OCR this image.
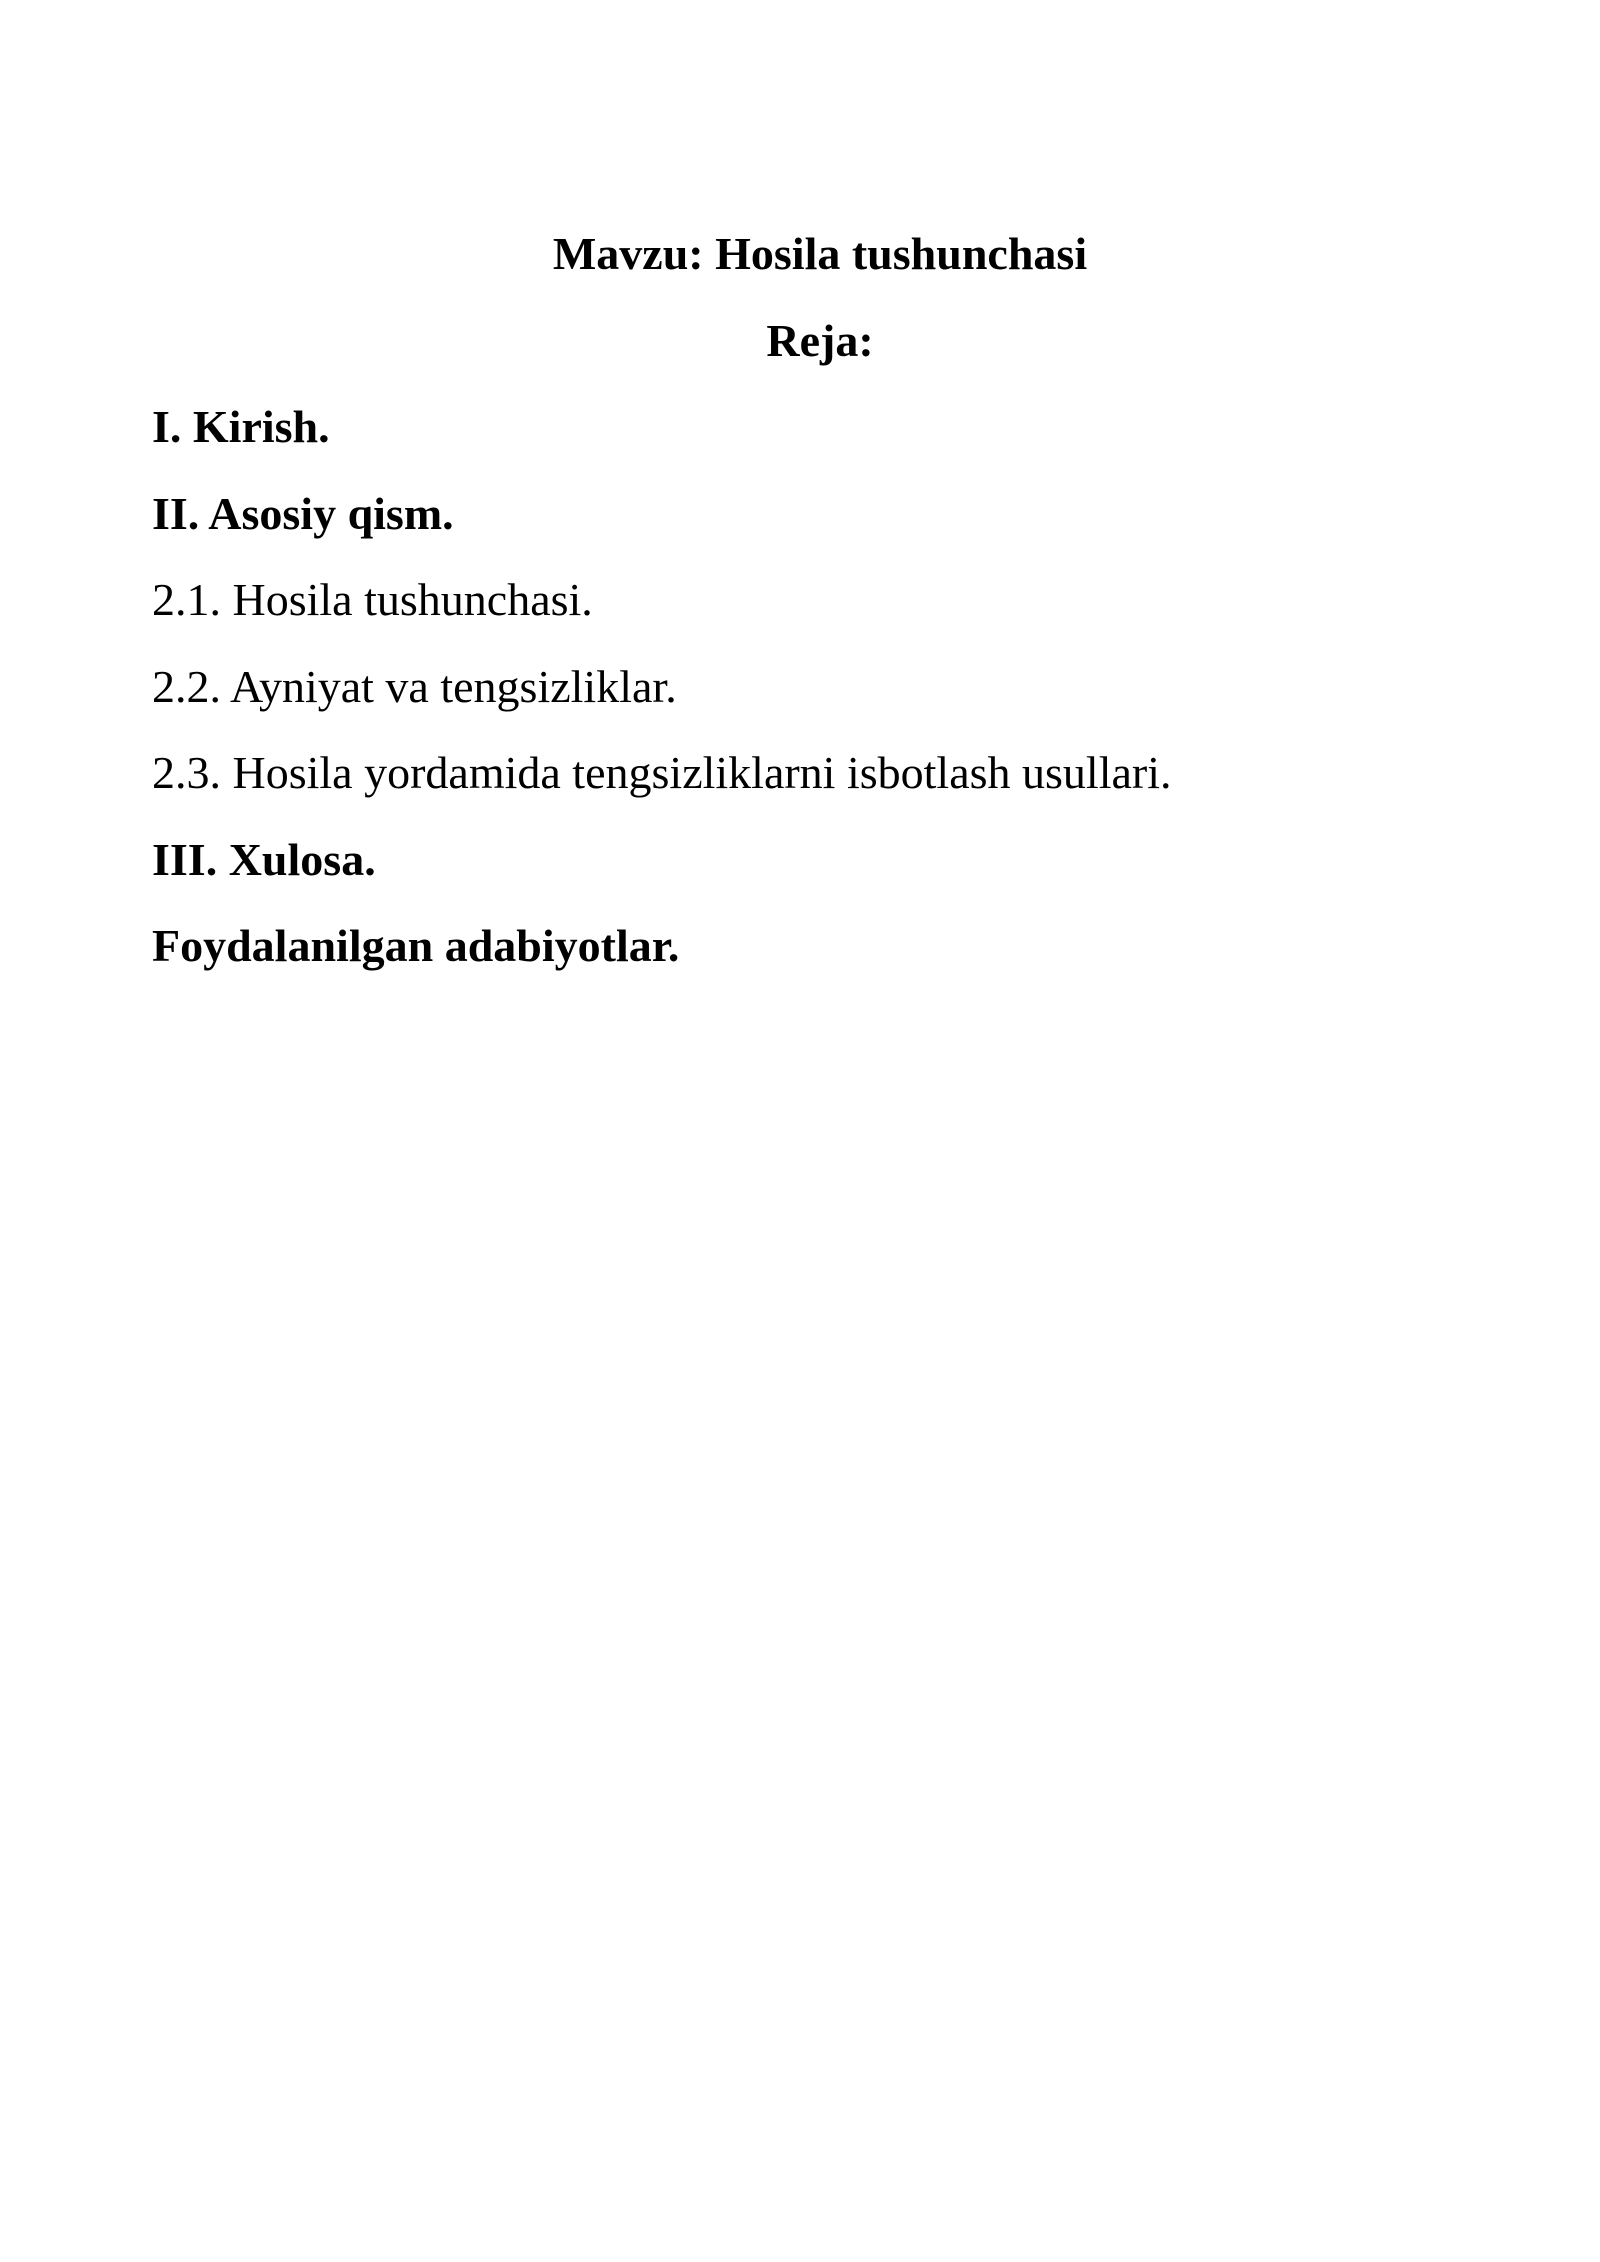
Mavzu: Hosila tushunchasi
Reja:
I. Kirish.
II. Asosiy qism.
2.1. Hosila tushunchasi.
2.2. Ayniyat va tengsizliklar.
2.3. Hosila yordamida tengsizliklarni isbotlash usullari.
III. Xulosa.
Foydalanilgan adabiyotlar.
